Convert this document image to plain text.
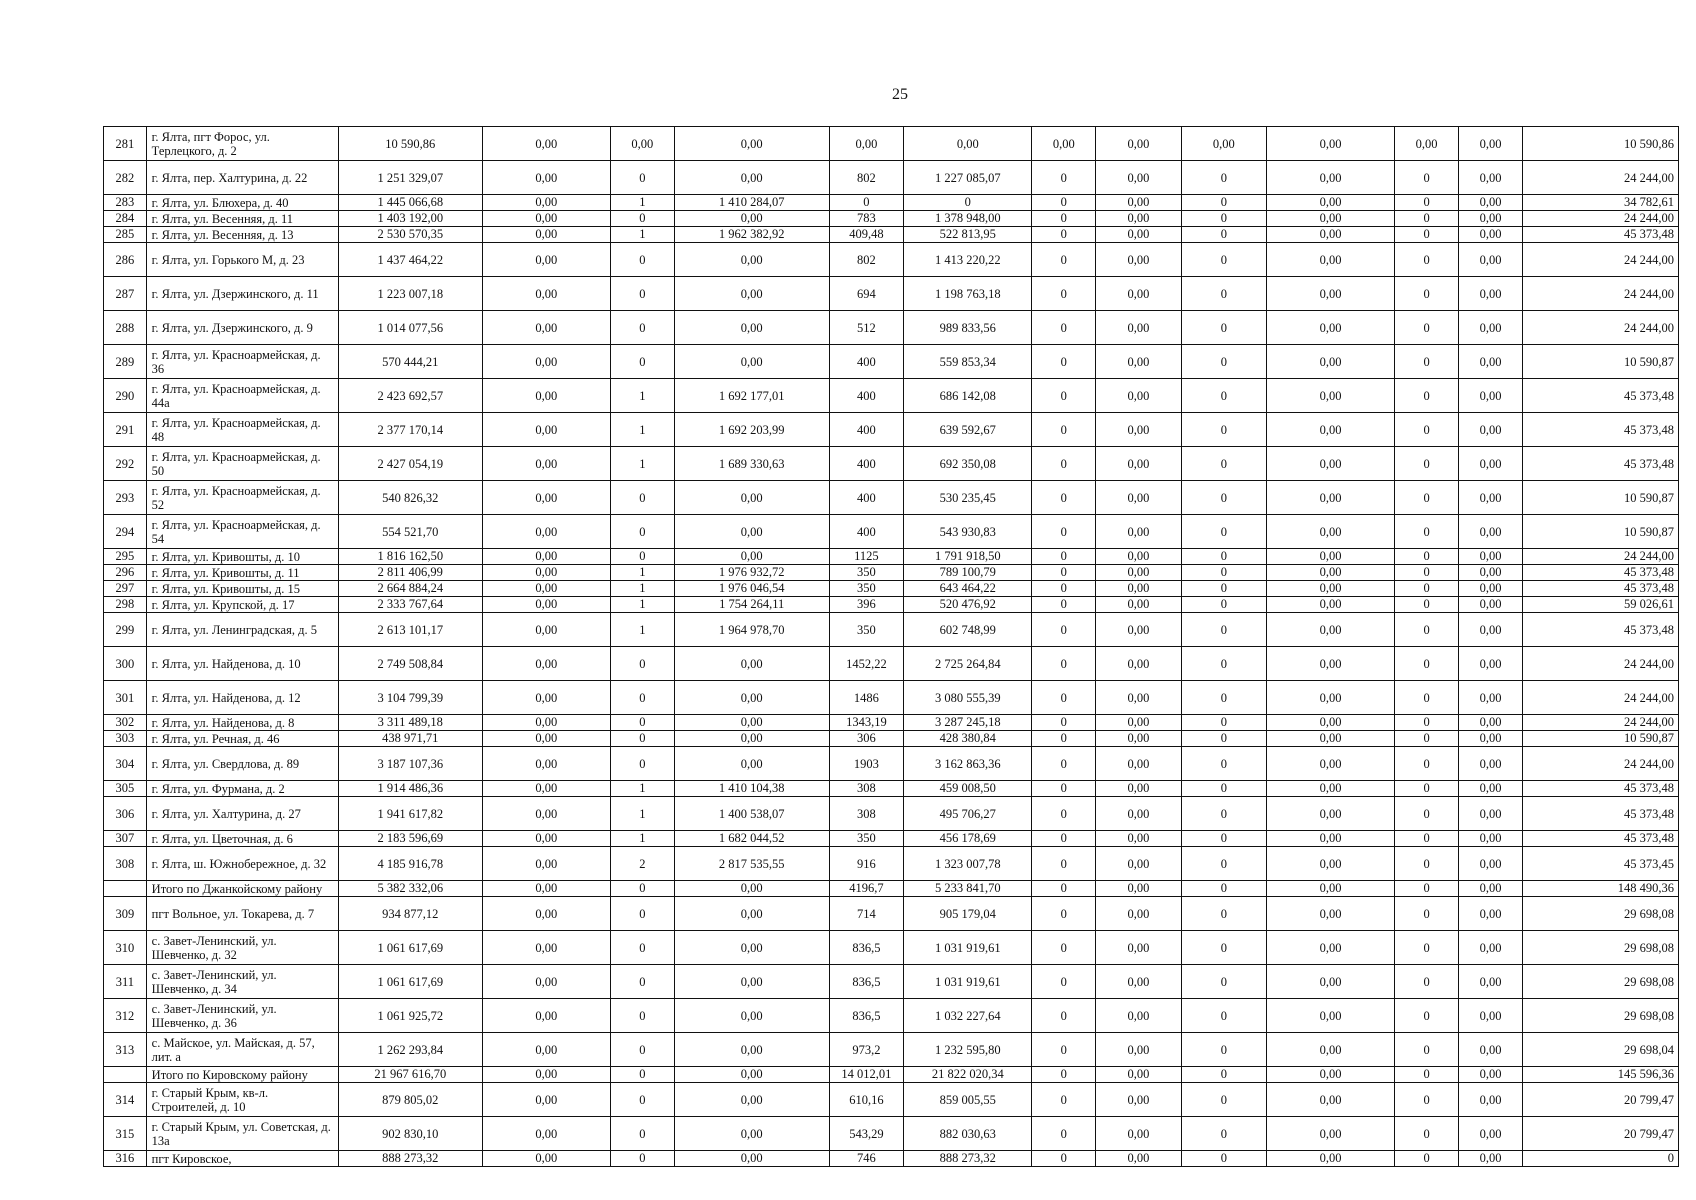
25
281	г. Ялта, пгт Форос, ул. Терлецкого, д. 2	10 590,86	0,00	0,00	0,00	0,00	0,00	0,00	0,00	0,00	0,00	0,00	0,00	10 590,86
282	г. Ялта, пер. Халтурина, д. 22	1 251 329,07	0,00	0	0,00	802	1 227 085,07	0	0,00	0	0,00	0	0,00	24 244,00
283	г. Ялта, ул. Блюхера, д. 40	1 445 066,68	0,00	1	1 410 284,07	0	0	0	0,00	0	0,00	0	0,00	34 782,61
284	г. Ялта, ул. Весенняя, д. 11	1 403 192,00	0,00	0	0,00	783	1 378 948,00	0	0,00	0	0,00	0	0,00	24 244,00
285	г. Ялта, ул. Весенняя, д. 13	2 530 570,35	0,00	1	1 962 382,92	409,48	522 813,95	0	0,00	0	0,00	0	0,00	45 373,48
286	г. Ялта, ул. Горького М, д. 23	1 437 464,22	0,00	0	0,00	802	1 413 220,22	0	0,00	0	0,00	0	0,00	24 244,00
287	г. Ялта, ул. Дзержинского, д. 11	1 223 007,18	0,00	0	0,00	694	1 198 763,18	0	0,00	0	0,00	0	0,00	24 244,00
288	г. Ялта, ул. Дзержинского, д. 9	1 014 077,56	0,00	0	0,00	512	989 833,56	0	0,00	0	0,00	0	0,00	24 244,00
289	г. Ялта, ул. Красноармейская, д. 36	570 444,21	0,00	0	0,00	400	559 853,34	0	0,00	0	0,00	0	0,00	10 590,87
290	г. Ялта, ул. Красноармейская, д. 44а	2 423 692,57	0,00	1	1 692 177,01	400	686 142,08	0	0,00	0	0,00	0	0,00	45 373,48
291	г. Ялта, ул. Красноармейская, д. 48	2 377 170,14	0,00	1	1 692 203,99	400	639 592,67	0	0,00	0	0,00	0	0,00	45 373,48
292	г. Ялта, ул. Красноармейская, д. 50	2 427 054,19	0,00	1	1 689 330,63	400	692 350,08	0	0,00	0	0,00	0	0,00	45 373,48
293	г. Ялта, ул. Красноармейская, д. 52	540 826,32	0,00	0	0,00	400	530 235,45	0	0,00	0	0,00	0	0,00	10 590,87
294	г. Ялта, ул. Красноармейская, д. 54	554 521,70	0,00	0	0,00	400	543 930,83	0	0,00	0	0,00	0	0,00	10 590,87
295	г. Ялта, ул. Кривошты, д. 10	1 816 162,50	0,00	0	0,00	1125	1 791 918,50	0	0,00	0	0,00	0	0,00	24 244,00
296	г. Ялта, ул. Кривошты, д. 11	2 811 406,99	0,00	1	1 976 932,72	350	789 100,79	0	0,00	0	0,00	0	0,00	45 373,48
297	г. Ялта, ул. Кривошты, д. 15	2 664 884,24	0,00	1	1 976 046,54	350	643 464,22	0	0,00	0	0,00	0	0,00	45 373,48
298	г. Ялта, ул. Крупской, д. 17	2 333 767,64	0,00	1	1 754 264,11	396	520 476,92	0	0,00	0	0,00	0	0,00	59 026,61
299	г. Ялта, ул. Ленинградская, д. 5	2 613 101,17	0,00	1	1 964 978,70	350	602 748,99	0	0,00	0	0,00	0	0,00	45 373,48
300	г. Ялта, ул. Найденова, д. 10	2 749 508,84	0,00	0	0,00	1452,22	2 725 264,84	0	0,00	0	0,00	0	0,00	24 244,00
301	г. Ялта, ул. Найденова, д. 12	3 104 799,39	0,00	0	0,00	1486	3 080 555,39	0	0,00	0	0,00	0	0,00	24 244,00
302	г. Ялта, ул. Найденова, д. 8	3 311 489,18	0,00	0	0,00	1343,19	3 287 245,18	0	0,00	0	0,00	0	0,00	24 244,00
303	г. Ялта, ул. Речная, д. 46	438 971,71	0,00	0	0,00	306	428 380,84	0	0,00	0	0,00	0	0,00	10 590,87
304	г. Ялта, ул. Свердлова, д. 89	3 187 107,36	0,00	0	0,00	1903	3 162 863,36	0	0,00	0	0,00	0	0,00	24 244,00
305	г. Ялта, ул. Фурмана, д. 2	1 914 486,36	0,00	1	1 410 104,38	308	459 008,50	0	0,00	0	0,00	0	0,00	45 373,48
306	г. Ялта, ул. Халтурина, д. 27	1 941 617,82	0,00	1	1 400 538,07	308	495 706,27	0	0,00	0	0,00	0	0,00	45 373,48
307	г. Ялта, ул. Цветочная, д. 6	2 183 596,69	0,00	1	1 682 044,52	350	456 178,69	0	0,00	0	0,00	0	0,00	45 373,48
308	г. Ялта, ш. Южнобережное, д. 32	4 185 916,78	0,00	2	2 817 535,55	916	1 323 007,78	0	0,00	0	0,00	0	0,00	45 373,45
	Итого по Джанкойскому району	5 382 332,06	0,00	0	0,00	4196,7	5 233 841,70	0	0,00	0	0,00	0	0,00	148 490,36
309	пгт Вольное, ул. Токарева, д. 7	934 877,12	0,00	0	0,00	714	905 179,04	0	0,00	0	0,00	0	0,00	29 698,08
310	с. Завет-Ленинский, ул. Шевченко, д. 32	1 061 617,69	0,00	0	0,00	836,5	1 031 919,61	0	0,00	0	0,00	0	0,00	29 698,08
311	с. Завет-Ленинский, ул. Шевченко, д. 34	1 061 617,69	0,00	0	0,00	836,5	1 031 919,61	0	0,00	0	0,00	0	0,00	29 698,08
312	с. Завет-Ленинский, ул. Шевченко, д. 36	1 061 925,72	0,00	0	0,00	836,5	1 032 227,64	0	0,00	0	0,00	0	0,00	29 698,08
313	с. Майское, ул. Майская, д. 57, лит. а	1 262 293,84	0,00	0	0,00	973,2	1 232 595,80	0	0,00	0	0,00	0	0,00	29 698,04
	Итого по Кировскому району	21 967 616,70	0,00	0	0,00	14 012,01	21 822 020,34	0	0,00	0	0,00	0	0,00	145 596,36
314	г. Старый Крым, кв-л. Строителей, д. 10	879 805,02	0,00	0	0,00	610,16	859 005,55	0	0,00	0	0,00	0	0,00	20 799,47
315	г. Старый Крым, ул. Советская, д. 13а	902 830,10	0,00	0	0,00	543,29	882 030,63	0	0,00	0	0,00	0	0,00	20 799,47
316	пгт Кировское,	888 273,32	0,00	0	0,00	746	888 273,32	0	0,00	0	0,00	0	0,00	0
